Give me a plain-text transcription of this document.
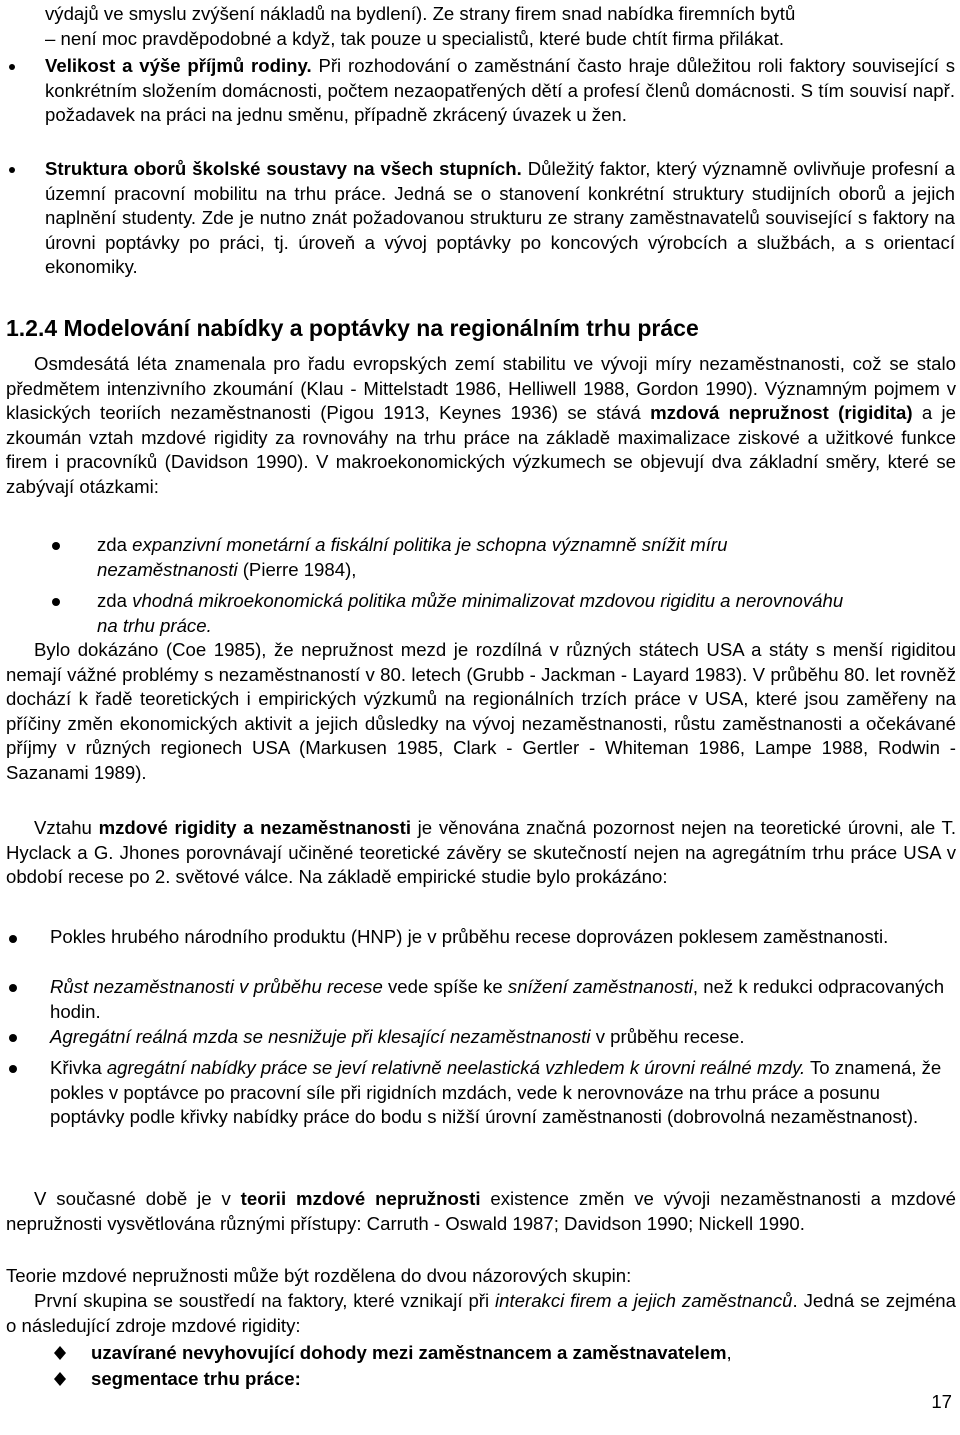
výdajů ve smyslu zvýšení nákladů na bydlení). Ze strany firem snad nabídka firemních bytů
– není moc pravděpodobné a když, tak pouze u specialistů, které bude chtít firma přilákat.
Velikost a výše příjmů rodiny. Při rozhodování o zaměstnání často hraje důležitou roli faktory související s konkrétním složením domácnosti, počtem nezaopatřených dětí a profesí členů domácnosti. S tím souvisí např. požadavek na práci na jednu směnu, případně zkrácený úvazek u žen.
Struktura oborů školské soustavy na všech stupních. Důležitý faktor, který významně ovlivňuje profesní a územní pracovní mobilitu na trhu práce. Jedná se o stanovení konkrétní struktury studijních oborů a jejich naplnění studenty. Zde je nutno znát požadovanou strukturu ze strany zaměstnavatelů související s faktory na úrovni poptávky po práci, tj. úroveň a vývoj poptávky po koncových výrobcích a službách, a s orientací ekonomiky.
1.2.4 Modelování nabídky a poptávky na regionálním trhu práce
Osmdesátá léta znamenala pro řadu evropských zemí stabilitu ve vývoji míry nezaměstnanosti, což se stalo předmětem intenzivního zkoumání (Klau - Mittelstadt 1986, Helliwell 1988, Gordon 1990). Významným pojmem v klasických teoriích nezaměstnanosti (Pigou 1913, Keynes 1936) se stává mzdová nepružnost (rigidita) a je zkoumán vztah mzdové rigidity za rovnováhy na trhu práce na základě maximalizace ziskové a užitkové funkce firem i pracovníků (Davidson 1990). V makroekonomických výzkumech se objevují dva základní směry, které se zabývají otázkami:
zda expanzivní monetární a fiskální politika je schopna významně snížit míru nezaměstnanosti (Pierre 1984),
zda vhodná mikroekonomická politika může minimalizovat mzdovou rigiditu a nerovnováhu na trhu práce.
Bylo dokázáno (Coe 1985), že nepružnost mezd je rozdílná v různých státech USA a státy s menší rigiditou nemají vážné problémy s nezaměstnaností v 80. letech (Grubb - Jackman - Layard 1983). V průběhu 80. let rovněž dochází k řadě teoretických i empirických výzkumů na regionálních trzích práce v USA, které jsou zaměřeny na příčiny změn ekonomických aktivit a jejich důsledky na vývoj nezaměstnanosti, růstu zaměstnanosti a očekávané příjmy v různých regionech USA (Markusen 1985, Clark - Gertler - Whiteman 1986, Lampe 1988, Rodwin - Sazanami 1989).
Vztahu mzdové rigidity a nezaměstnanosti je věnována značná pozornost nejen na teoretické úrovni, ale T. Hyclack a G. Jhones porovnávají učiněné teoretické závěry se skutečností nejen na agregátním trhu práce USA v období recese po 2. světové válce. Na základě empirické studie bylo prokázáno:
Pokles hrubého národního produktu (HNP) je v průběhu recese doprovázen poklesem zaměstnanosti.
Růst nezaměstnanosti v průběhu recese vede spíše ke snížení zaměstnanosti, než k redukci odpracovaných hodin.
Agregátní reálná mzda se nesnižuje při klesající nezaměstnanosti v průběhu recese.
Křivka agregátní nabídky práce se jeví relativně neelastická vzhledem k úrovni reálné mzdy. To znamená, že pokles v poptávce po pracovní síle při rigidních mzdách, vede k nerovnováze na trhu práce a posunu poptávky podle křivky nabídky práce do bodu s nižší úrovní zaměstnanosti (dobrovolná nezaměstnanost).
V současné době je v teorii mzdové nepružnosti existence změn ve vývoji nezaměstnanosti a mzdové nepružnosti vysvětlována různými přístupy: Carruth - Oswald 1987; Davidson 1990; Nickell 1990.
Teorie mzdové nepružnosti může být rozdělena do dvou názorových skupin:
První skupina se soustředí na faktory, které vznikají při interakci firem a jejich zaměstnanců. Jedná se zejména o následující zdroje mzdové rigidity:
uzavírané nevyhovující dohody mezi zaměstnancem a zaměstnavatelem,
segmentace trhu práce:
17
